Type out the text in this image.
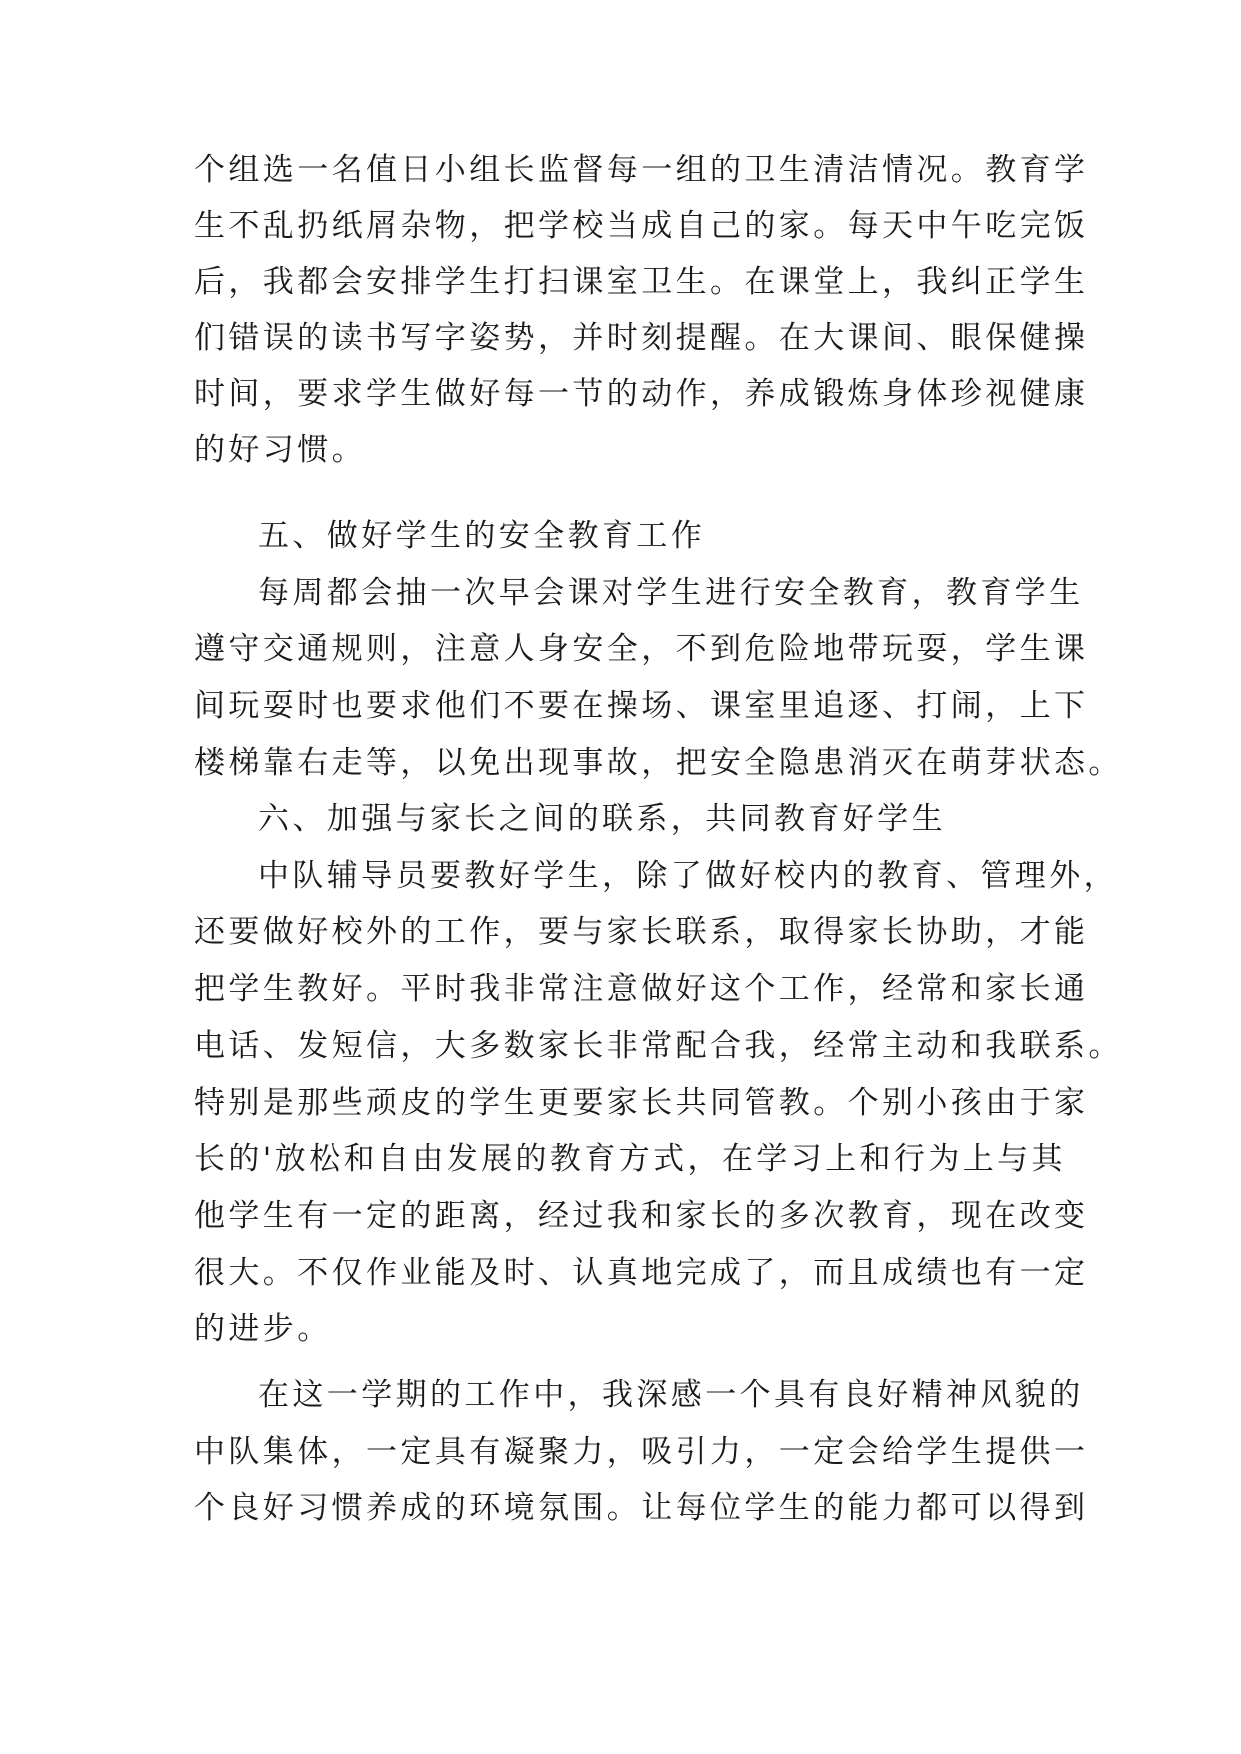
个组选一名值日小组长监督每一组的卫生清洁情况。教育学
生不乱扔纸屑杂物，把学校当成自己的家。每天中午吃完饭
后，我都会安排学生打扫课室卫生。在课堂上，我纠正学生
们错误的读书写字姿势，并时刻提醒。在大课间、眼保健操
时间，要求学生做好每一节的动作，养成锻炼身体珍视健康
的好习惯。
五、做好学生的安全教育工作
每周都会抽一次早会课对学生进行安全教育，教育学生
遵守交通规则，注意人身安全，不到危险地带玩耍，学生课
间玩耍时也要求他们不要在操场、课室里追逐、打闹，上下
楼梯靠右走等，以免出现事故，把安全隐患消灭在萌芽状态。
六、加强与家长之间的联系，共同教育好学生
中队辅导员要教好学生，除了做好校内的教育、管理外，
还要做好校外的工作，要与家长联系，取得家长协助，才能
把学生教好。平时我非常注意做好这个工作，经常和家长通
电话、发短信，大多数家长非常配合我，经常主动和我联系。
特别是那些顽皮的学生更要家长共同管教。个别小孩由于家
长的'放松和自由发展的教育方式，在学习上和行为上与其
他学生有一定的距离，经过我和家长的多次教育，现在改变
很大。不仅作业能及时、认真地完成了，而且成绩也有一定
的进步。
在这一学期的工作中，我深感一个具有良好精神风貌的
中队集体，一定具有凝聚力，吸引力，一定会给学生提供一
个良好习惯养成的环境氛围。让每位学生的能力都可以得到
